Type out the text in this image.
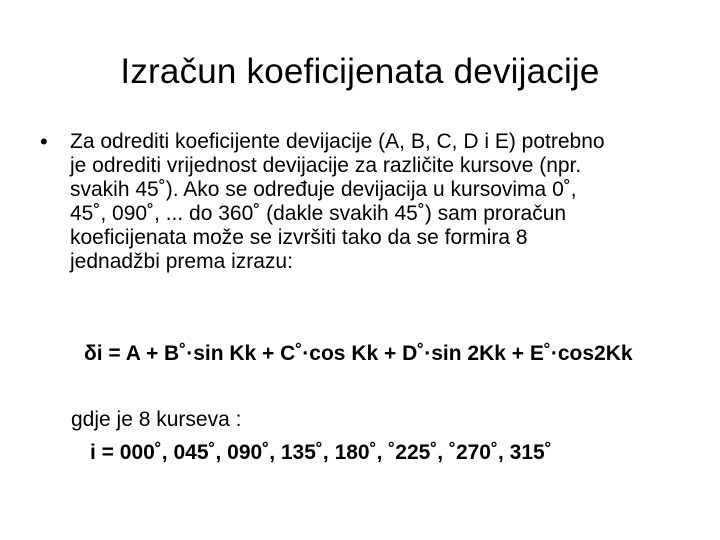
Izračun koeficijenata devijacije
• Za odrediti koeficijente devijacije (A, B, C, D i E) potrebno
je odrediti vrijednost devijacije za različite kursove (npr.
svakih 45˚). Ako se određuje devijacija u kursovima 0˚,
45˚, 090˚, ... do 360˚ (dakle svakih 45˚) sam proračun
koeficijenata može se izvršiti tako da se formira 8
jednadžbi prema izrazu:
δi = A + B˚·sin Kk + C˚·cos Kk + D˚·sin 2Kk + E˚·cos2Kk
gdje je 8 kurseva :
i = 000˚, 045˚, 090˚, 135˚, 180˚, ˚225˚, ˚270˚, 315˚
